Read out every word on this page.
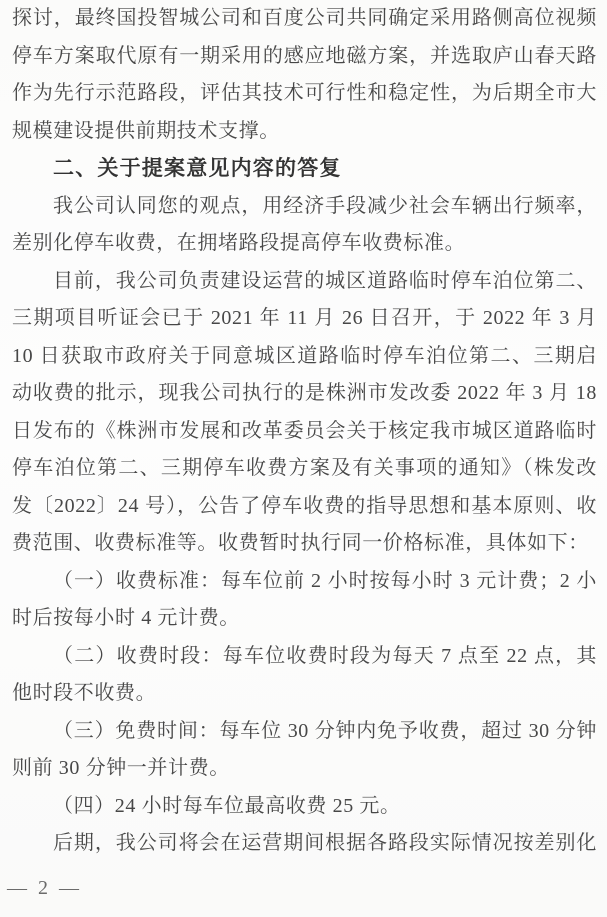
探讨，最终国投智城公司和百度公司共同确定采用路侧高位视频
停车方案取代原有一期采用的感应地磁方案，并选取庐山春天路
作为先行示范路段，评估其技术可行性和稳定性，为后期全市大
规模建设提供前期技术支撑。
二、关于提案意见内容的答复
我公司认同您的观点，用经济手段减少社会车辆出行频率，
差别化停车收费，在拥堵路段提高停车收费标准。
目前，我公司负责建设运营的城区道路临时停车泊位第二、
三期项目听证会已于 2021 年 11 月 26 日召开，于 2022 年 3 月
10 日获取市政府关于同意城区道路临时停车泊位第二、三期启
动收费的批示，现我公司执行的是株洲市发改委 2022 年 3 月 18
日发布的《株洲市发展和改革委员会关于核定我市城区道路临时
停车泊位第二、三期停车收费方案及有关事项的通知》（株发改
发〔2022〕24 号），公告了停车收费的指导思想和基本原则、收
费范围、收费标准等。收费暂时执行同一价格标准，具体如下：
（一）收费标准：每车位前 2 小时按每小时 3 元计费；2 小
时后按每小时 4 元计费。
（二）收费时段：每车位收费时段为每天 7 点至 22 点，其
他时段不收费。
（三）免费时间：每车位 30 分钟内免予收费，超过 30 分钟
则前 30 分钟一并计费。
（四）24 小时每车位最高收费 25 元。
后期，我公司将会在运营期间根据各路段实际情况按差别化
— 2 —
